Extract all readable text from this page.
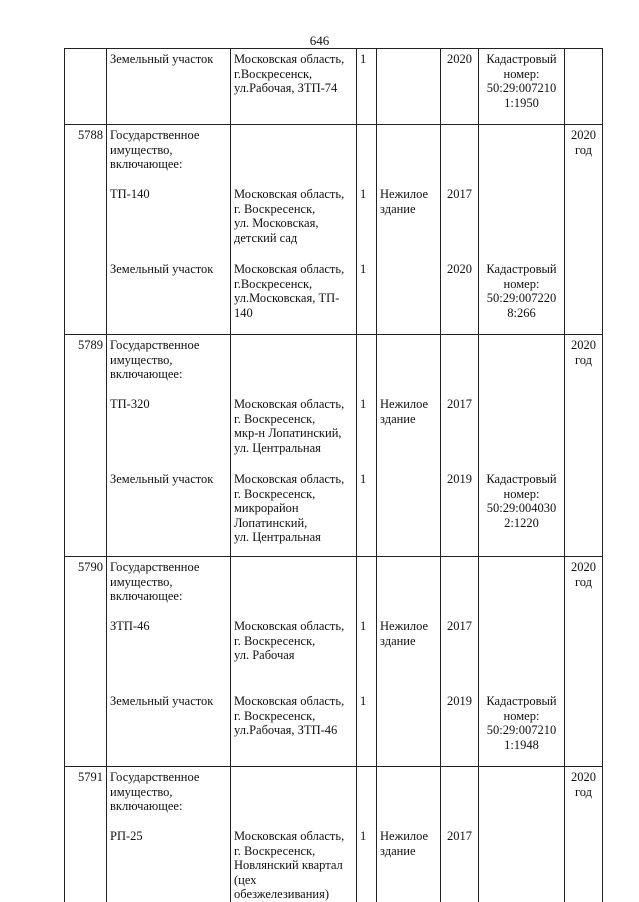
646

	Земельный участок	Московская область,
г.Воскресенск,
ул.Рабочая, ЗТП-74	1		2020	Кадастровый
номер:
50:29:007210
1:1950	

5788	Государственное
имущество,
включающее:						2020
год

	ТП-140	Московская область,
г. Воскресенск,
ул. Московская,
детский сад	1	Нежилое
здание	2017		

	Земельный участок	Московская область,
г.Воскресенск,
ул.Московская, ТП-
140	1		2020	Кадастровый
номер:
50:29:007220
8:266	

5789	Государственное
имущество,
включающее:						2020
год

	ТП-320	Московская область,
г. Воскресенск,
мкр-н Лопатинский,
ул. Центральная	1	Нежилое
здание	2017		

	Земельный участок	Московская область,
г. Воскресенск,
микрорайон
Лопатинский,
ул. Центральная	1		2019	Кадастровый
номер:
50:29:004030
2:1220	

5790	Государственное
имущество,
включающее:						2020
год

	ЗТП-46	Московская область,
г. Воскресенск,
ул. Рабочая	1	Нежилое
здание	2017		

	Земельный участок	Московская область,
г. Воскресенск,
ул.Рабочая, ЗТП-46	1		2019	Кадастровый
номер:
50:29:007210
1:1948	

5791	Государственное
имущество,
включающее:						2020
год

	РП-25	Московская область,
г. Воскресенск,
Новлянский квартал
(цех
обезжелезивания)	1	Нежилое
здание	2017		
